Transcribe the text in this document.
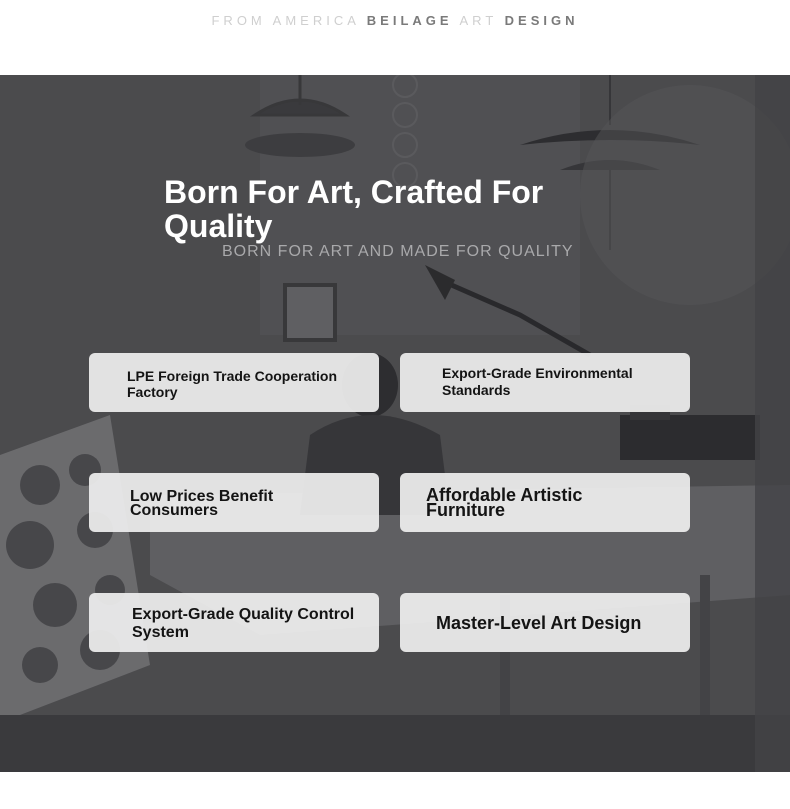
FROM AMERICA BEILAGE ART DESIGN
Born For Art, Crafted For Quality
BORN FOR ART AND MADE FOR QUALITY
LPE Foreign Trade Cooperation Factory
Export-Grade Environmental Standards
Low Prices Benefit Consumers
Affordable Artistic Furniture
Export-Grade Quality Control System	Master-Level Art Design
